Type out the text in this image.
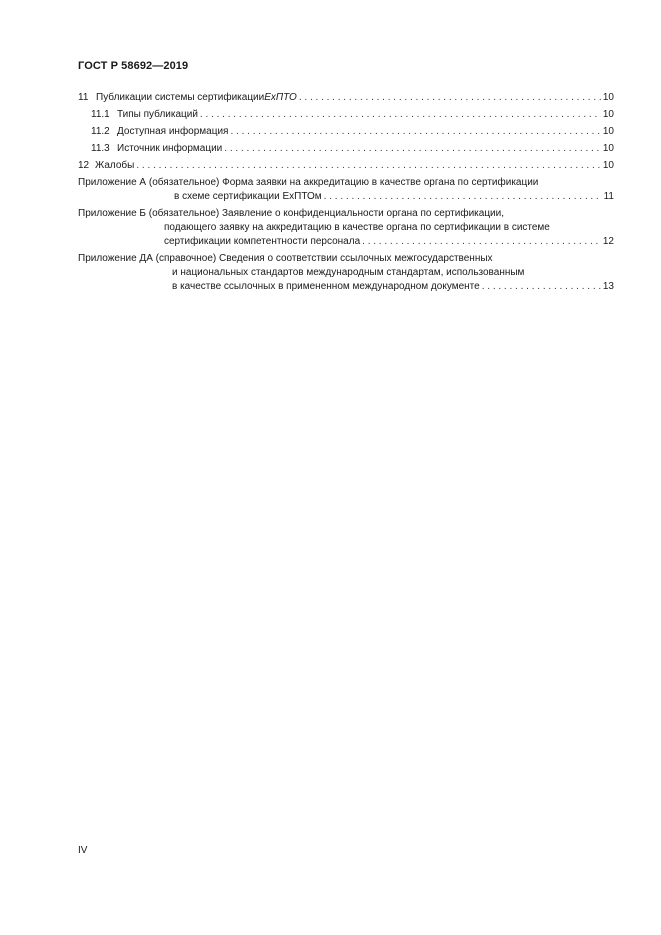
ГОСТ Р 58692—2019
11 Публикации системы сертификации ЕхПТО . . .	10
11.1 Типы публикаций . . .	10
11.2 Доступная информация . . .	10
11.3 Источник информации . . .	10
12 Жалобы . . .	10
Приложение А (обязательное) Форма заявки на аккредитацию в качестве органа по сертификации
в схеме сертификации ExПТОм . . .	11
Приложение Б (обязательное) Заявление о конфиденциальности органа по сертификации,
подающего заявку на аккредитацию в качестве органа по сертификации в системе
сертификации компетентности персонала . . .	12
Приложение ДА (справочное) Сведения о соответствии ссылочных межгосударственных
и национальных стандартов международным стандартам, использованным
в качестве ссылочных в примененном международном документе . . .	13
IV
